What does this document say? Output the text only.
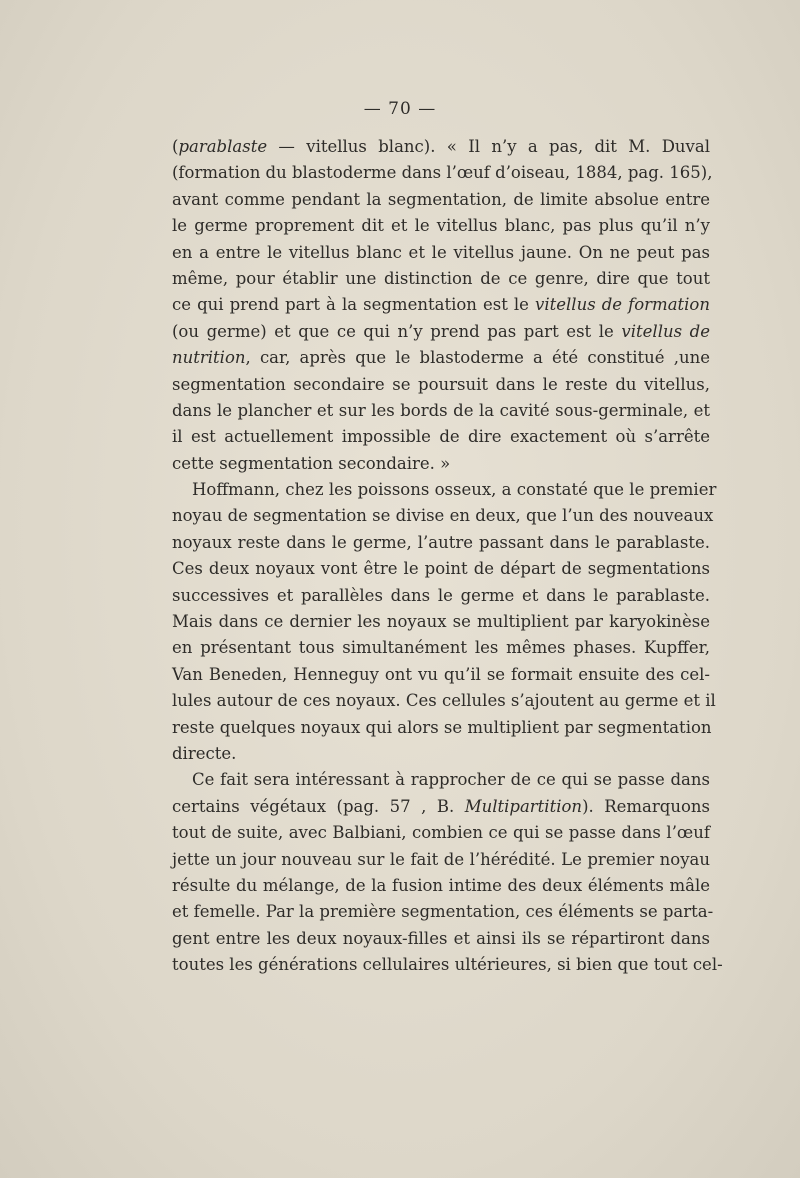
— 70 —
(parablaste — vitellus blanc). « Il n’y a pas, dit M. Duval
(formation du blastoderme dans l’œuf d’oiseau, 1884, pag. 165),
avant comme pendant la segmentation, de limite absolue entre
le germe proprement dit et le vitellus blanc, pas plus qu’il n’y
en a entre le vitellus blanc et le vitellus jaune. On ne peut pas
même, pour établir une distinction de ce genre, dire que tout
ce qui prend part à la segmentation est le vitellus de formation
(ou germe) et que ce qui n’y prend pas part est le vitellus de
nutrition, car, après que le blastoderme a été constitué ,une
segmentation secondaire se poursuit dans le reste du vitellus,
dans le plancher et sur les bords de la cavité sous-germinale, et
il est actuellement impossible de dire exactement où s’arrête
cette segmentation secondaire. »
Hoffmann, chez les poissons osseux, a constaté que le premier
noyau de segmentation se divise en deux, que l’un des nouveaux
noyaux reste dans le germe, l’autre passant dans le parablaste.
Ces deux noyaux vont être le point de départ de segmentations
successives et parallèles dans le germe et dans le parablaste.
Mais dans ce dernier les noyaux se multiplient par karyokinèse
en présentant tous simultanément les mêmes phases. Kupffer,
Van Beneden, Henneguy ont vu qu’il se formait ensuite des cel-
lules autour de ces noyaux. Ces cellules s’ajoutent au germe et il
reste quelques noyaux qui alors se multiplient par segmentation
directe.
Ce fait sera intéressant à rapprocher de ce qui se passe dans
certains végétaux (pag. 57 , B. Multipartition). Remarquons
tout de suite, avec Balbiani, combien ce qui se passe dans l’œuf
jette un jour nouveau sur le fait de l’hérédité. Le premier noyau
résulte du mélange, de la fusion intime des deux éléments mâle
et femelle. Par la première segmentation, ces éléments se parta-
gent entre les deux noyaux-filles et ainsi ils se répartiront dans
toutes les générations cellulaires ultérieures, si bien que tout cel-
